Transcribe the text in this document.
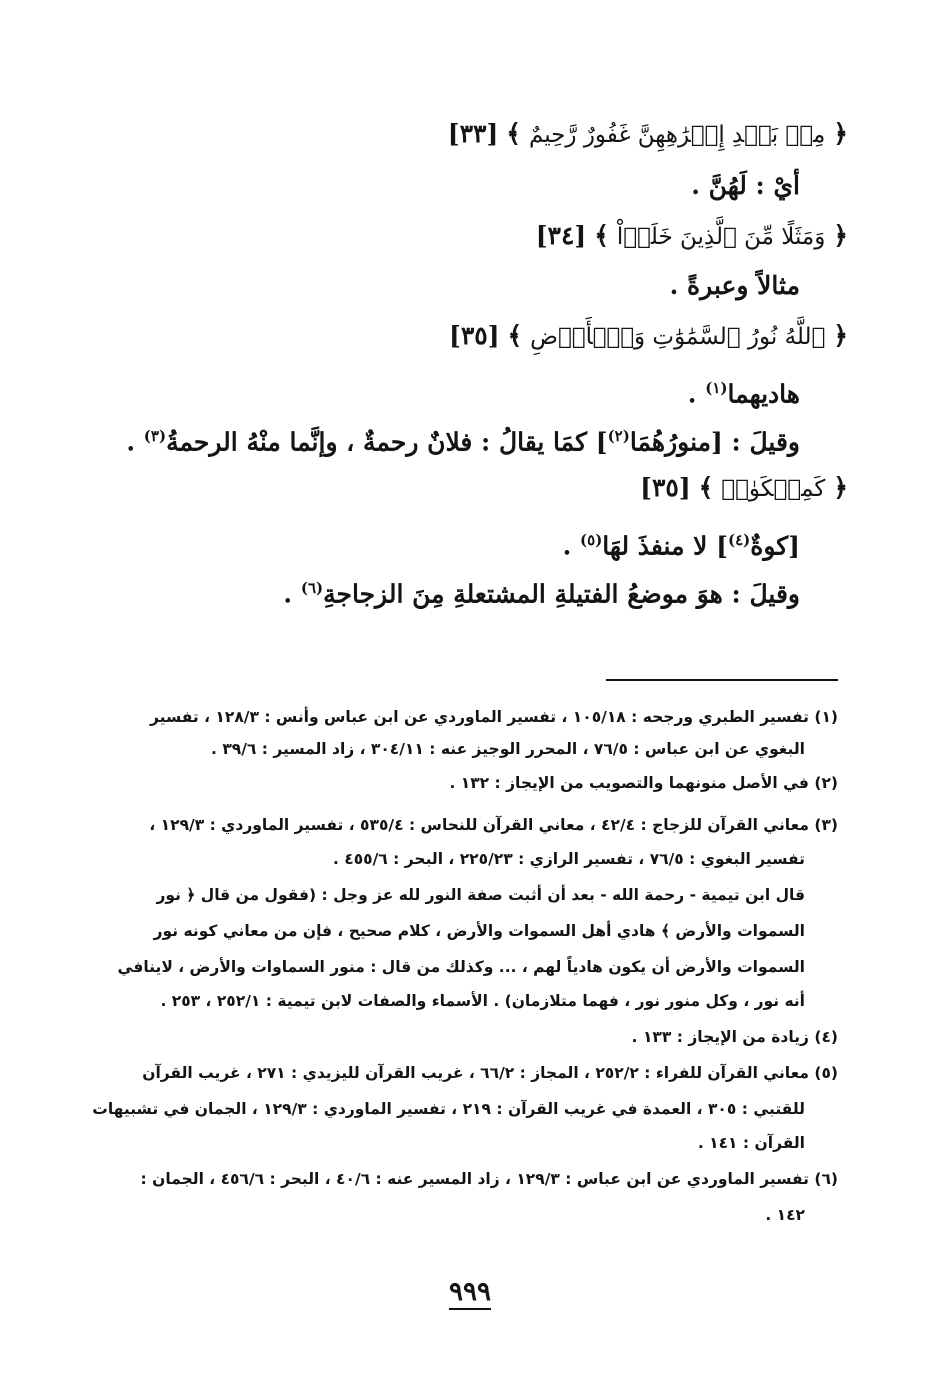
﴿مِنۢ بَعۡدِ إِكۡرَٰهِهِنَّ غَفُورٌ رَّحِيمٌ﴾ [٣٣]
أيْ : لَهُنَّ .
﴿وَمَثَلًا مِّنَ ٱلَّذِينَ خَلَوۡاْ﴾ [٣٤]
مثالاً وعبرةً .
﴿ٱللَّهُ نُورُ ٱلسَّمَٰوَٰتِ وَٱلۡأَرۡضِ﴾ [٣٥]
هاديهما$^{(١)}$ .
وقيلَ : [منورُهُمَا$^{(٢)}$] كمَا يقالُ : فلانٌ رحمةٌ ، وإنَّما منْهُ الرحمةُ$^{(٣)}$ .
﴿كَمِشۡكَوٰةٖ﴾ [٣٥]
[كوةٌ$^{(٤)}$] لا منفذَ لهَا$^{(٥)}$ .
وقيلَ : هوَ موضعُ الفتيلةِ المشتعلةِ مِنَ الزجاجةِ$^{(٦)}$ .
(١) تفسير الطبري ورجحه : ١٠٥/١٨ ، تفسير الماوردي عن ابن عباس وأنس : ١٢٨/٣ ، تفسير
البغوي عن ابن عباس : ٧٦/٥ ، المحرر الوجيز عنه : ٣٠٤/١١ ، زاد المسير : ٣٩/٦ .
(٢) في الأصل منونهما والتصويب من الإيجاز : ١٣٢ .
(٣) معاني القرآن للزجاج : ٤٢/٤ ، معاني القرآن للنحاس : ٥٣٥/٤ ، تفسير الماوردي : ١٢٩/٣ ،
تفسير البغوي : ٧٦/٥ ، تفسير الرازي : ٢٢٥/٢٣ ، البحر : ٤٥٥/٦ .
قال ابن تيمية - رحمة الله - بعد أن أثبت صفة النور لله عز وجل : (فقول من قال ﴿ نور
السموات والأرض ﴾ هادي أهل السموات والأرض ، كلام صحيح ، فإن من معاني كونه نور
السموات والأرض أن يكون هادياً لهم ، ... وكذلك من قال : منور السماوات والأرض ، لاينافي
أنه نور ، وكل منور نور ، فهما متلازمان) . الأسماء والصفات لابن تيمية : ٢٥٢/١ ، ٢٥٣ .
(٤) زيادة من الإيجاز : ١٣٣ .
(٥) معاني القرآن للفراء : ٢٥٢/٢ ، المجاز : ٦٦/٢ ، غريب القرآن لليزيدي : ٢٧١ ، غريب القرآن
للقتبي : ٣٠٥ ، العمدة في غريب القرآن : ٢١٩ ، تفسير الماوردي : ١٢٩/٣ ، الجمان في تشبيهات
القرآن : ١٤١ .
(٦) تفسير الماوردي عن ابن عباس : ١٢٩/٣ ، زاد المسير عنه : ٤٠/٦ ، البحر : ٤٥٦/٦ ، الجمان :
١٤٢ .
٩٩٩
